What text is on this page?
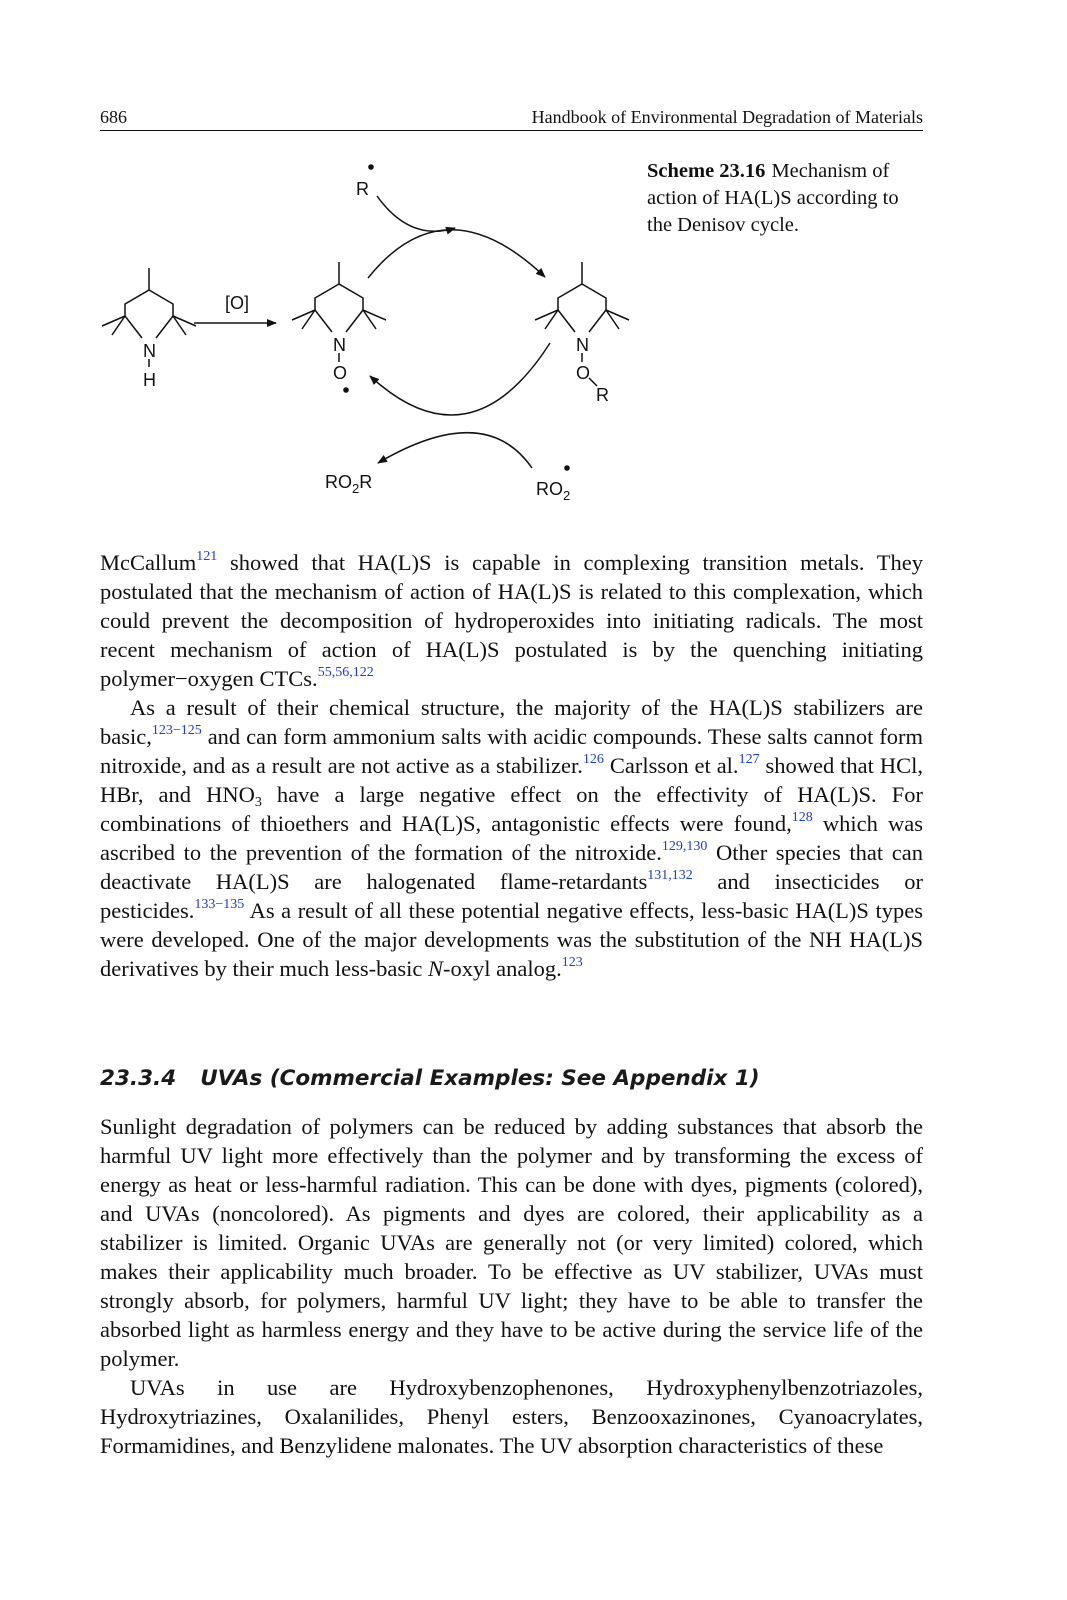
686	Handbook of Environmental Degradation of Materials
N
H
[O]
N
O
N
O
R
R
$RO_2R$	$RO_2$
Scheme 23.16 Mechanism of action of HA(L)S according to the Denisov cycle.

McCallum$^{121}$ showed that HA(L)S is capable in complexing transition metals. They postulated that the mechanism of action of HA(L)S is related to this complexation, which could prevent the decomposition of hydroperoxides into initiating radicals. The most recent mechanism of action of HA(L)S postulated is by the quenching initiating polymer−oxygen CTCs.$^{55,56,122}$

As a result of their chemical structure, the majority of the HA(L)S stabilizers are basic,$^{123-125}$ and can form ammonium salts with acidic compounds. These salts cannot form nitroxide, and as a result are not active as a stabilizer.$^{126}$ Carlsson et al.$^{127}$ showed that HCl, HBr, and $HNO_3$ have a large negative effect on the effectivity of HA(L)S. For combinations of thioethers and HA(L)S, antagonistic effects were found,$^{128}$ which was ascribed to the prevention of the formation of the nitroxide.$^{129,130}$ Other species that can deactivate HA(L)S are halogenated flame-retardants$^{131,132}$ and insecticides or pesticides.$^{133-135}$ As a result of all these potential negative effects, less-basic HA(L)S types were developed. One of the major developments was the substitution of the NH HA(L)S derivatives by their much less-basic N-oxyl analog.$^{123}$

23.3.4 UVAs (Commercial Examples: See Appendix 1)

Sunlight degradation of polymers can be reduced by adding substances that absorb the harmful UV light more effectively than the polymer and by transforming the excess of energy as heat or less-harmful radiation. This can be done with dyes, pigments (colored), and UVAs (noncolored). As pigments and dyes are colored, their applicability as a stabilizer is limited. Organic UVAs are generally not (or very limited) colored, which makes their applicability much broader. To be effective as UV stabilizer, UVAs must strongly absorb, for polymers, harmful UV light; they have to be able to transfer the absorbed light as harmless energy and they have to be active during the service life of the polymer.

UVAs in use are Hydroxybenzophenones, Hydroxyphenylbenzotriazoles, Hydroxytriazines, Oxalanilides, Phenyl esters, Benzooxazinones, Cyanoacrylates, Formamidines, and Benzylidene malonates. The UV absorption characteristics of these
